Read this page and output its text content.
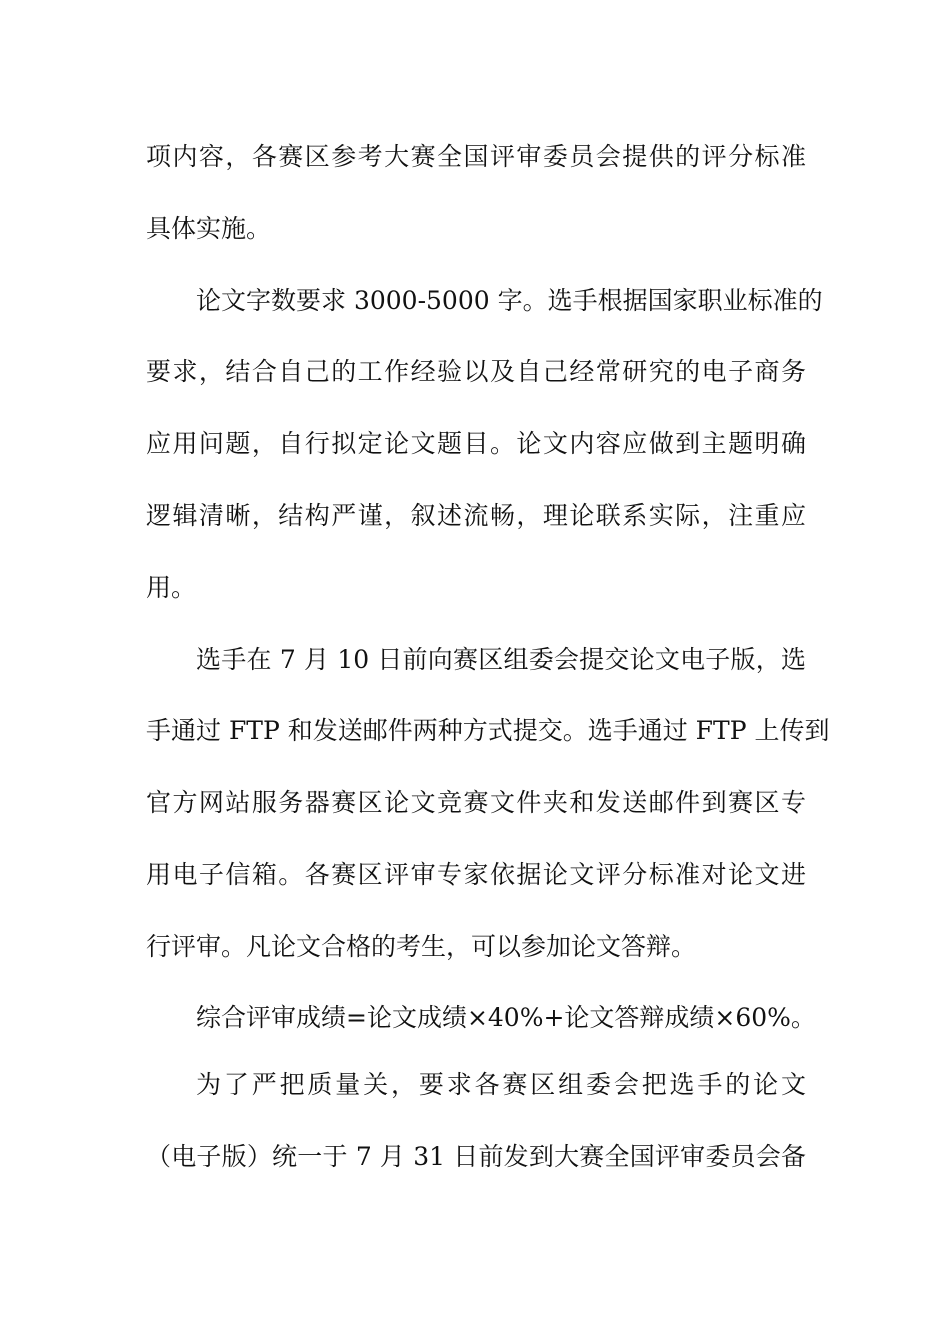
项内容，各赛区参考大赛全国评审委员会提供的评分标准
具体实施。
论文字数要求 3000-5000 字。选手根据国家职业标准的
要求，结合自己的工作经验以及自己经常研究的电子商务
应用问题，自行拟定论文题目。论文内容应做到主题明确
逻辑清晰，结构严谨，叙述流畅，理论联系实际，注重应
用。
选手在 7 月 10 日前向赛区组委会提交论文电子版，选
手通过 FTP 和发送邮件两种方式提交。选手通过 FTP 上传到
官方网站服务器赛区论文竞赛文件夹和发送邮件到赛区专
用电子信箱。各赛区评审专家依据论文评分标准对论文进
行评审。凡论文合格的考生，可以参加论文答辩。
综合评审成绩=论文成绩×40%+论文答辩成绩×60%。
为了严把质量关，要求各赛区组委会把选手的论文
（电子版）统一于 7 月 31 日前发到大赛全国评审委员会备
